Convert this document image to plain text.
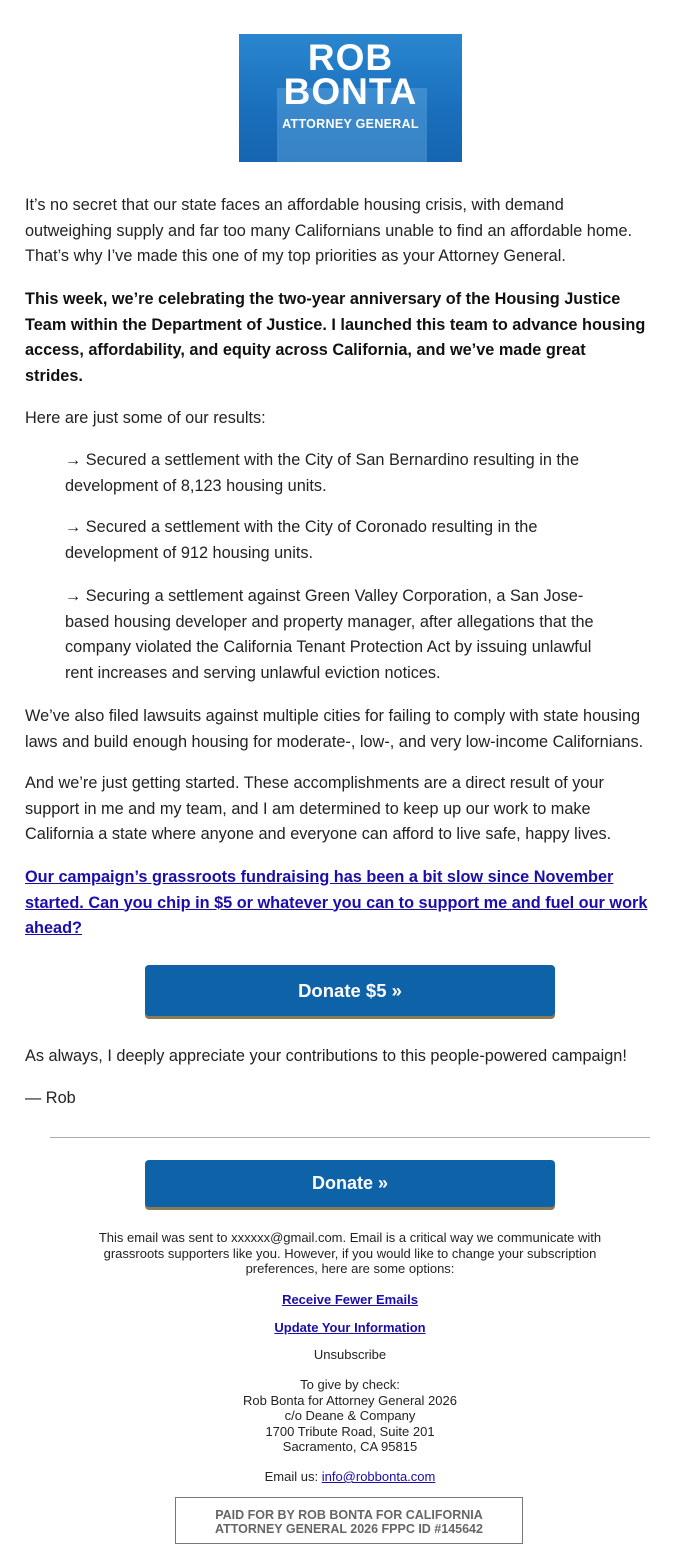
ROB
BONTA
ATTORNEY GENERAL
It’s no secret that our state faces an affordable housing crisis, with demand
outweighing supply and far too many Californians unable to find an affordable home.
That’s why I’ve made this one of my top priorities as your Attorney General.
This week, we’re celebrating the two-year anniversary of the Housing Justice
Team within the Department of Justice. I launched this team to advance housing
access, affordability, and equity across California, and we’ve made great
strides.
Here are just some of our results:
→ Secured a settlement with the City of San Bernardino resulting in the
development of 8,123 housing units.
→ Secured a settlement with the City of Coronado resulting in the
development of 912 housing units.
→ Securing a settlement against Green Valley Corporation, a San Jose-
based housing developer and property manager, after allegations that the
company violated the California Tenant Protection Act by issuing unlawful
rent increases and serving unlawful eviction notices.
We’ve also filed lawsuits against multiple cities for failing to comply with state housing
laws and build enough housing for moderate-, low-, and very low-income Californians.
And we’re just getting started. These accomplishments are a direct result of your
support in me and my team, and I am determined to keep up our work to make
California a state where anyone and everyone can afford to live safe, happy lives.
Our campaign’s grassroots fundraising has been a bit slow since November
started. Can you chip in $5 or whatever you can to support me and fuel our work
ahead?
Donate $5 »
As always, I deeply appreciate your contributions to this people-powered campaign!
— Rob
Donate »
This email was sent to xxxxxx@gmail.com. Email is a critical way we communicate with
grassroots supporters like you. However, if you would like to change your subscription
preferences, here are some options:
Receive Fewer Emails
Update Your Information
Unsubscribe
To give by check:
Rob Bonta for Attorney General 2026
c/o Deane & Company
1700 Tribute Road, Suite 201
Sacramento, CA 95815
Email us: info@robbonta.com
PAID FOR BY ROB BONTA FOR CALIFORNIA
ATTORNEY GENERAL 2026 FPPC ID #145642
